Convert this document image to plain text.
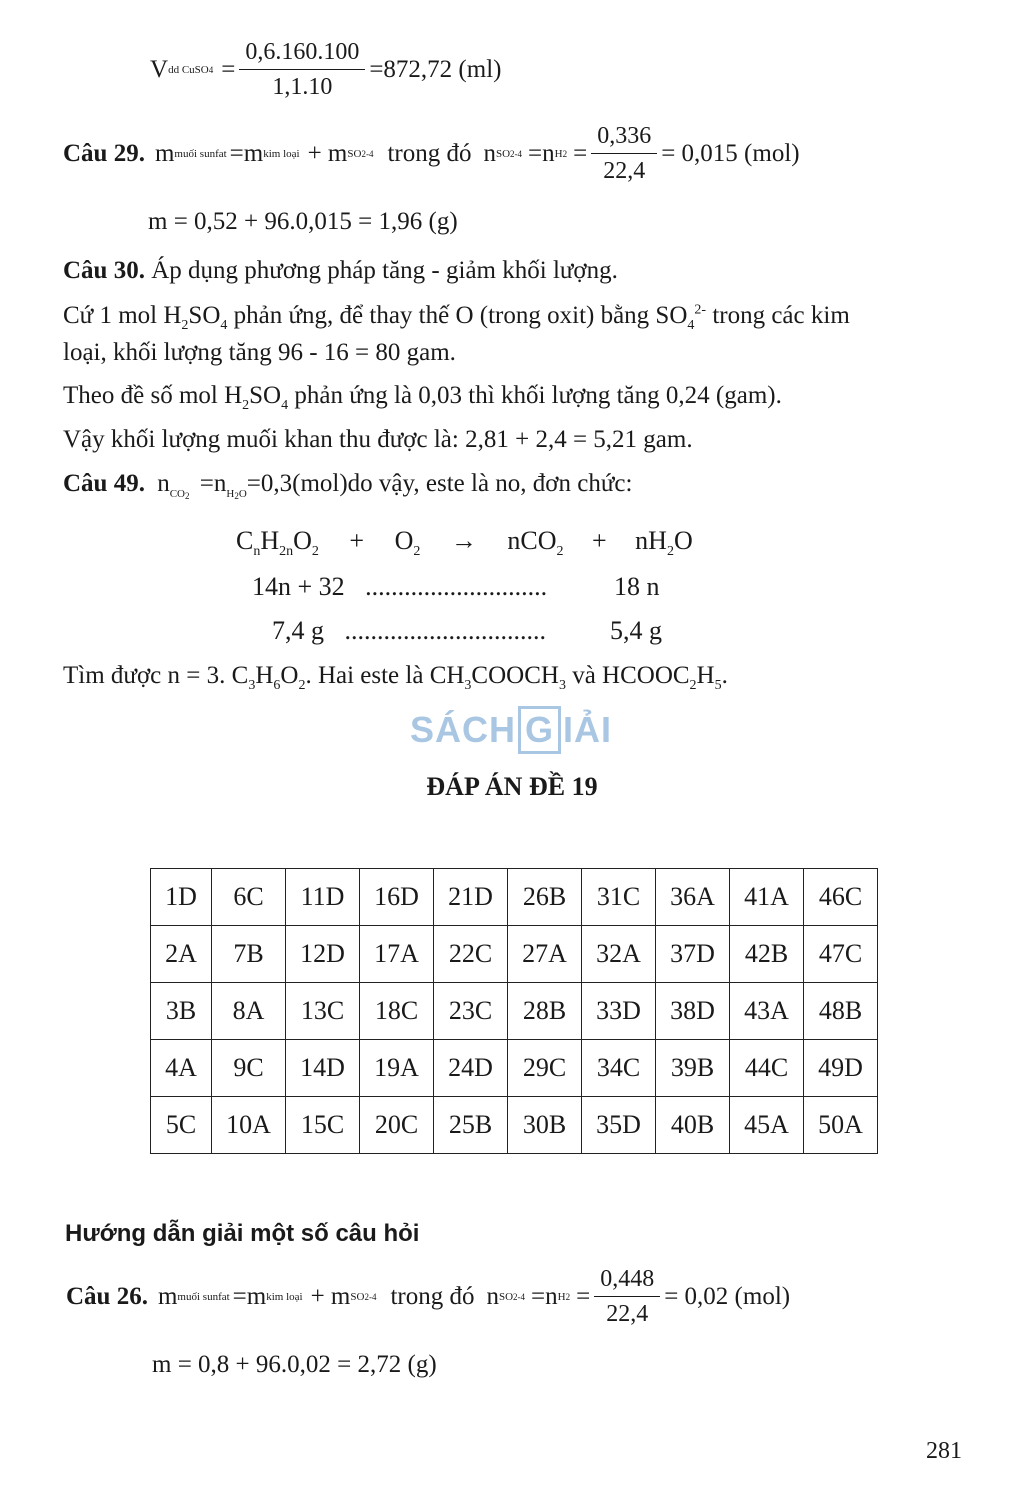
V dd CuSO $4 = \frac{0,6.160.100}{1,1.10} =872,72$ (ml)
Câu 29. m muối sunfat =m kim loại + m SO 2- 4 trong đó n SO 2- 4 =n H $2 = \frac{0,336}{22,4} = 0,015$ (mol)
m = 0,52 + 96.0,015 = 1,96 (g)
Câu 30. Áp dụng phương pháp tăng - giảm khối lượng.
Cứ 1 mol $H_2SO_4$ phản ứng, để thay thế O (trong oxit) bằng $SO_4^{2-}$ trong các kim
loại, khối lượng tăng 96 - 16 = 80 gam.
Theo đề số mol $H_2SO_4$ phản ứng là 0,03 thì khối lượng tăng 0,24 (gam).
Vậy khối lượng muối khan thu được là: 2,81 + 2,4 = 5,21 gam.
Câu 49. $n_{CO2} =n_{H2O}=0,3(mol)do$ vậy, este là no, đơn chức:
$C_nH_{2n}O_2 + O_2 \to nCO_2 + nH_2O$
14n + 32 ............................	18 n
7,4 g ............................... 5,4 g
Tìm được n = 3. $C_3H_6O_2$. Hai este là $CH_3COOCH_3$ và $HCOOC_2H_5$.
SÁCH G IẢI
ĐÁP ÁN ĐỀ 19
1D	6C	11D	16D	21D	26B	31C	36A	41A	46C
2A	7B	12D	17A	22C	27A	32A	37D	42B	47C
3B	8A	13C	18C	23C	28B	33D	38D	43A	48B
4A	9C	14D	19A	24D	29C	34C	39B	44C	49D
5C	10A	15C	20C	25B	30B	35D	40B	45A	50A
Hướng dẫn giải một số câu hỏi
Câu 26. m muối sunfat =m kim loại + m SO 2- 4 trong đó n SO 2- 4 =n H $2 = \frac{0,448}{22,4} = 0,02$ (mol)
m = 0,8 + 96.0,02 = 2,72 (g)
281
